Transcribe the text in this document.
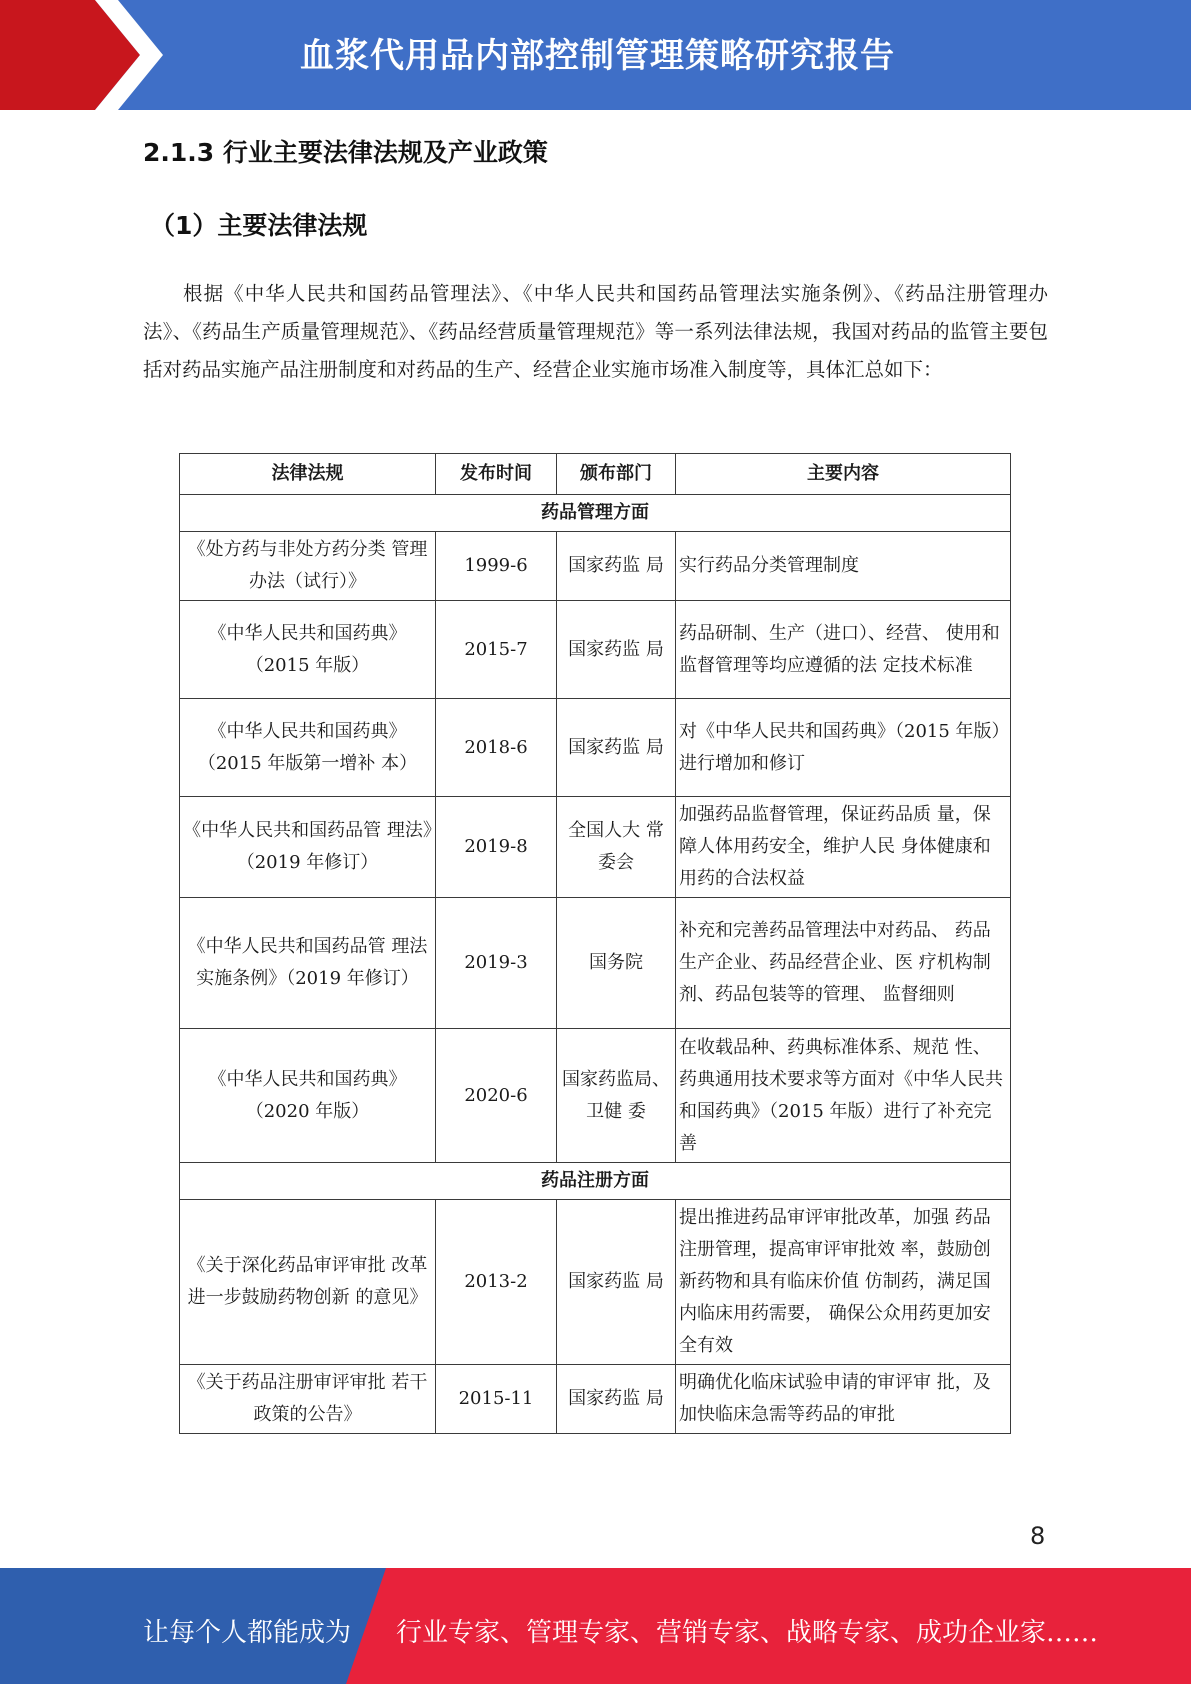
血浆代用品内部控制管理策略研究报告
2.1.3 行业主要法律法规及产业政策
（1）主要法律法规

根据《中华人民共和国药品管理法》、《中华人民共和国药品管理法实施条例》、《药品注册管理办法》、《药品生产质量管理规范》、《药品经营质量管理规范》等一系列法律法规，我国对药品的监管主要包括对药品实施产品注册制度和对药品的生产、经营企业实施市场准入制度等，具体汇总如下：

法律法规	发布时间	颁布部门	主要内容
药品管理方面			
《处方药与非处方药分类 管理办法（试行）》	1999-6	国家药监 局	实行药品分类管理制度
《中华人民共和国药典》（2015 年版）	2015-7	国家药监 局	药品研制、生产（进口）、经营、 使用和监督管理等均应遵循的法 定技术标准
《中华人民共和国药典》（2015 年版第一增补 本）	2018-6	国家药监 局	对《中华人民共和国药典》（2015 年版）进行增加和修订
《中华人民共和国药品管 理法》（2019 年修订）	2019-8	全国人大 常委会	加强药品监督管理，保证药品质 量，保障人体用药安全，维护人民 身体健康和用药的合法权益
《中华人民共和国药品管 理法实施条例》（2019 年修订）	2019-3	国务院	补充和完善药品管理法中对药品、 药品生产企业、药品经营企业、医 疗机构制剂、药品包装等的管理、 监督细则
《中华人民共和国药典》（2020 年版）	2020-6	国家药监局、卫健 委	在收载品种、药典标准体系、规范 性、药典通用技术要求等方面对《中华人民共和国药典》（2015 年版）进行了补充完善
药品注册方面			
《关于深化药品审评审批 改革进一步鼓励药物创新 的意见》	2013-2	国家药监 局	提出推进药品审评审批改革，加强 药品注册管理，提高审评审批效 率，鼓励创新药物和具有临床价值 仿制药，满足国内临床用药需要， 确保公众用药更加安全有效
《关于药品注册审评审批 若干政策的公告》	2015-11	国家药监 局	明确优化临床试验申请的审评审 批，及加快临床急需等药品的审批
8
让每个人都能成为 行业专家、管理专家、营销专家、战略专家、成功企业家……
